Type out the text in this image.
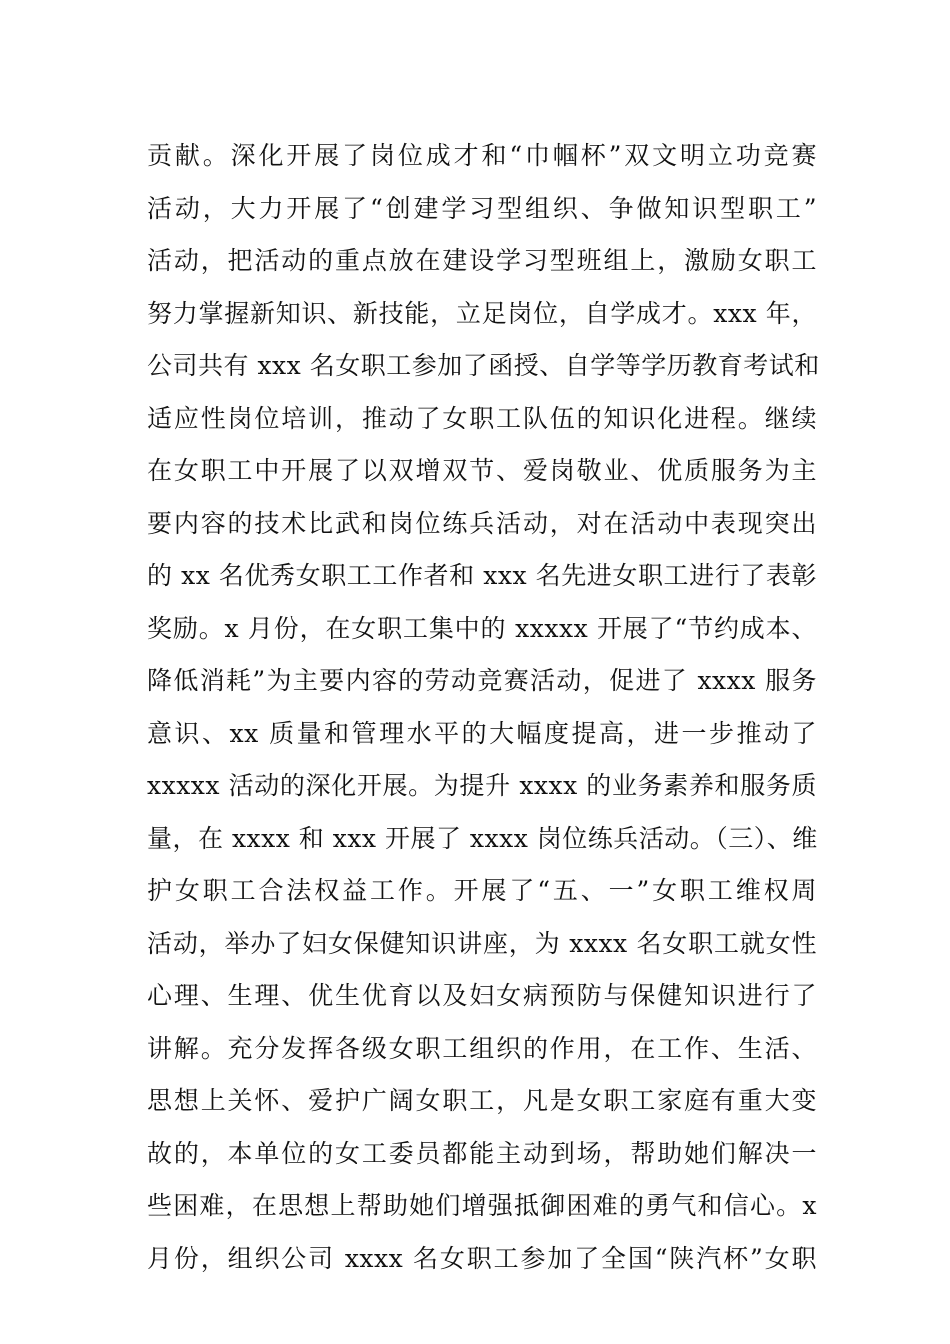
贡献。深化开展了岗位成才和“巾帼杯”双文明立功竞赛
活动，大力开展了“创建学习型组织、争做知识型职工”
活动，把活动的重点放在建设学习型班组上，激励女职工
努力掌握新知识、新技能，立足岗位，自学成才。xxx 年，
公司共有 xxx 名女职工参加了函授、自学等学历教育考试和
适应性岗位培训，推动了女职工队伍的知识化进程。继续
在女职工中开展了以双增双节、爱岗敬业、优质服务为主
要内容的技术比武和岗位练兵活动，对在活动中表现突出
的 xx 名优秀女职工工作者和 xxx 名先进女职工进行了表彰
奖励。x 月份，在女职工集中的 xxxxx 开展了“节约成本、
降低消耗”为主要内容的劳动竞赛活动，促进了 xxxx 服务
意识、xx 质量和管理水平的大幅度提高，进一步推动了
xxxxx 活动的深化开展。为提升 xxxx 的业务素养和服务质
量，在 xxxx 和 xxx 开展了 xxxx 岗位练兵活动。（三）、维
护女职工合法权益工作。开展了“五、一”女职工维权周
活动，举办了妇女保健知识讲座，为 xxxx 名女职工就女性
心理、生理、优生优育以及妇女病预防与保健知识进行了
讲解。充分发挥各级女职工组织的作用，在工作、生活、
思想上关怀、爱护广阔女职工，凡是女职工家庭有重大变
故的，本单位的女工委员都能主动到场，帮助她们解决一
些困难，在思想上帮助她们增强抵御困难的勇气和信心。x
月份，组织公司 xxxx 名女职工参加了全国“陕汽杯”女职
